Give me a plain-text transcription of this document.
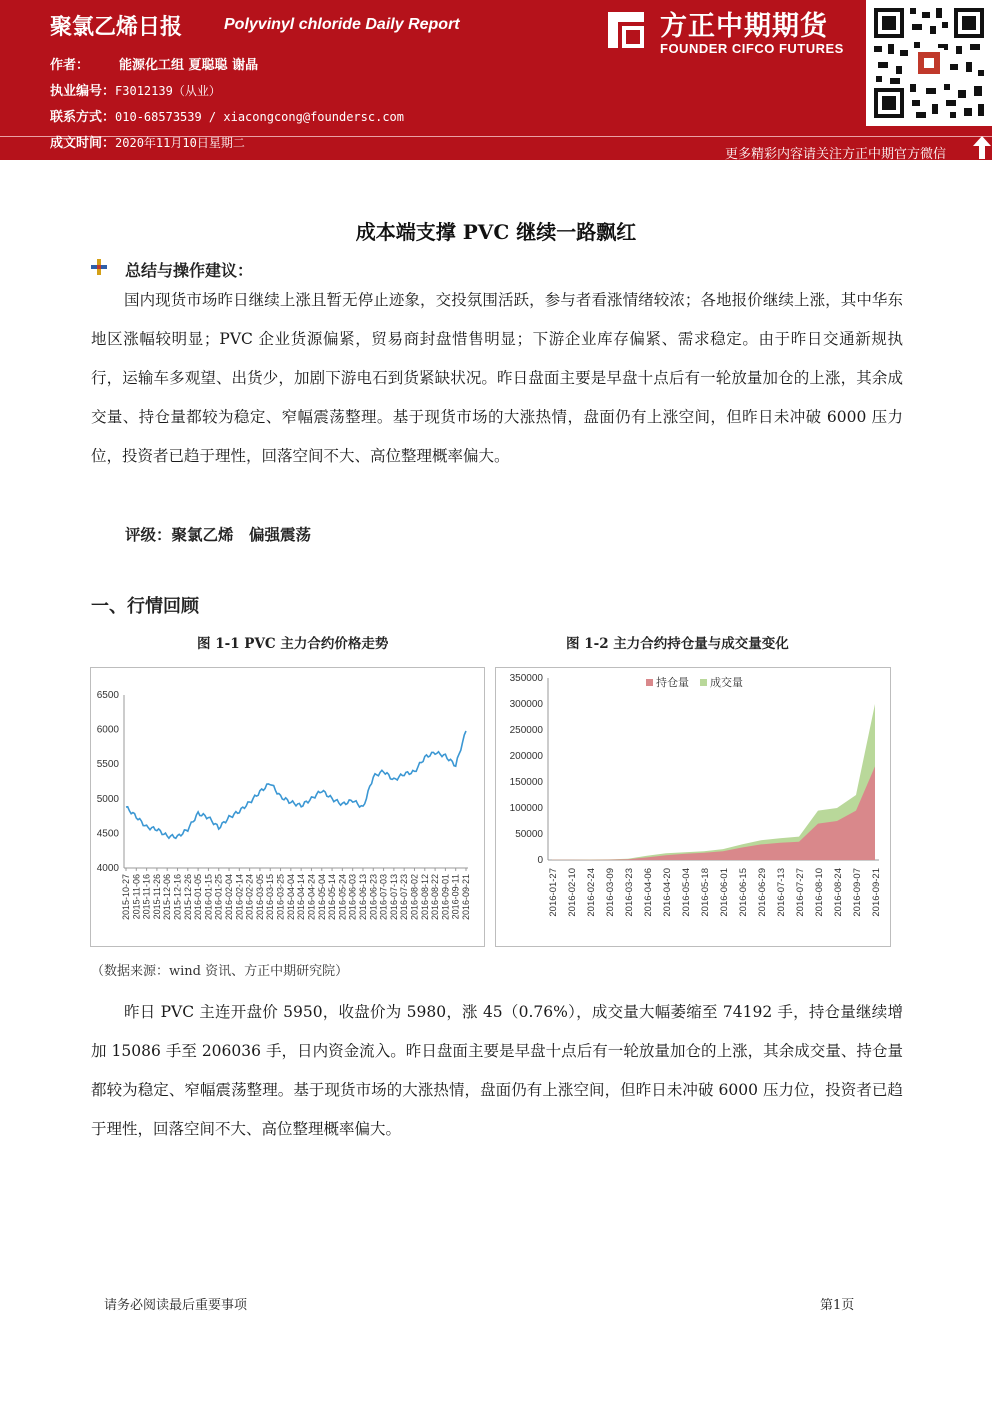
聚氯乙烯日报	Polyvinyl chloride Daily Report
作者： 能源化工组 夏聪聪 谢晶
执业编号：F3012139（从业）
联系方式：010-68573539 / xiacongcong@foundersc.com
成文时间：2020年11月10日星期二
方正中期期货
FOUNDER CIFCO FUTURES
更多精彩内容请关注方正中期官方微信
成本端支撑 PVC 继续一路飘红
总结与操作建议：
国内现货市场昨日继续上涨且暂无停止迹象，交投氛围活跃，参与者看涨情绪较浓；各地报价继续上涨，其中华东地区涨幅较明显；PVC 企业货源偏紧，贸易商封盘惜售明显；下游企业库存偏紧、需求稳定。由于昨日交通新规执行，运输车多观望、出货少，加剧下游电石到货紧缺状况。昨日盘面主要是早盘十点后有一轮放量加仓的上涨，其余成交量、持仓量都较为稳定、窄幅震荡整理。基于现货市场的大涨热情，盘面仍有上涨空间，但昨日未冲破 6000 压力位，投资者已趋于理性，回落空间不大、高位整理概率偏大。
评级：聚氯乙烯　偏强震荡
一、行情回顾
图 1-1 PVC 主力合约价格走势	图 1-2 主力合约持仓量与成交量变化
4000
4500
5000
5500
6000
6500
2015-10-27 2015-11-06 2015-11-16 2015-11-26 2015-12-06 2015-12-16 2015-12-26 2016-01-05 2016-01-15 2016-01-25 2016-02-04 2016-02-14 2016-02-24 2016-03-05 2016-03-15 2016-03-25 2016-04-04 2016-04-14 2016-04-24 2016-05-04 2016-05-14 2016-05-24 2016-06-03 2016-06-13 2016-06-23 2016-07-03 2016-07-13 2016-07-23 2016-08-02 2016-08-12 2016-08-22 2016-09-01 2016-09-11 2016-09-21
0
50000
100000
150000
200000
250000
300000
350000
2016-01-27 2016-02-10 2016-02-24 2016-03-09 2016-03-23 2016-04-06 2016-04-20 2016-05-04 2016-05-18 2016-06-01 2016-06-15 2016-06-29 2016-07-13 2016-07-27 2016-08-10 2016-08-24 2016-09-07 2016-09-21
持仓量 成交量
（数据来源：wind 资讯、方正中期研究院）
昨日 PVC 主连开盘价 5950，收盘价为 5980，涨 45（0.76%），成交量大幅萎缩至 74192 手，持仓量继续增加 15086 手至 206036 手，日内资金流入。昨日盘面主要是早盘十点后有一轮放量加仓的上涨，其余成交量、持仓量都较为稳定、窄幅震荡整理。基于现货市场的大涨热情，盘面仍有上涨空间，但昨日未冲破 6000 压力位，投资者已趋于理性，回落空间不大、高位整理概率偏大。
请务必阅读最后重要事项	第1页
